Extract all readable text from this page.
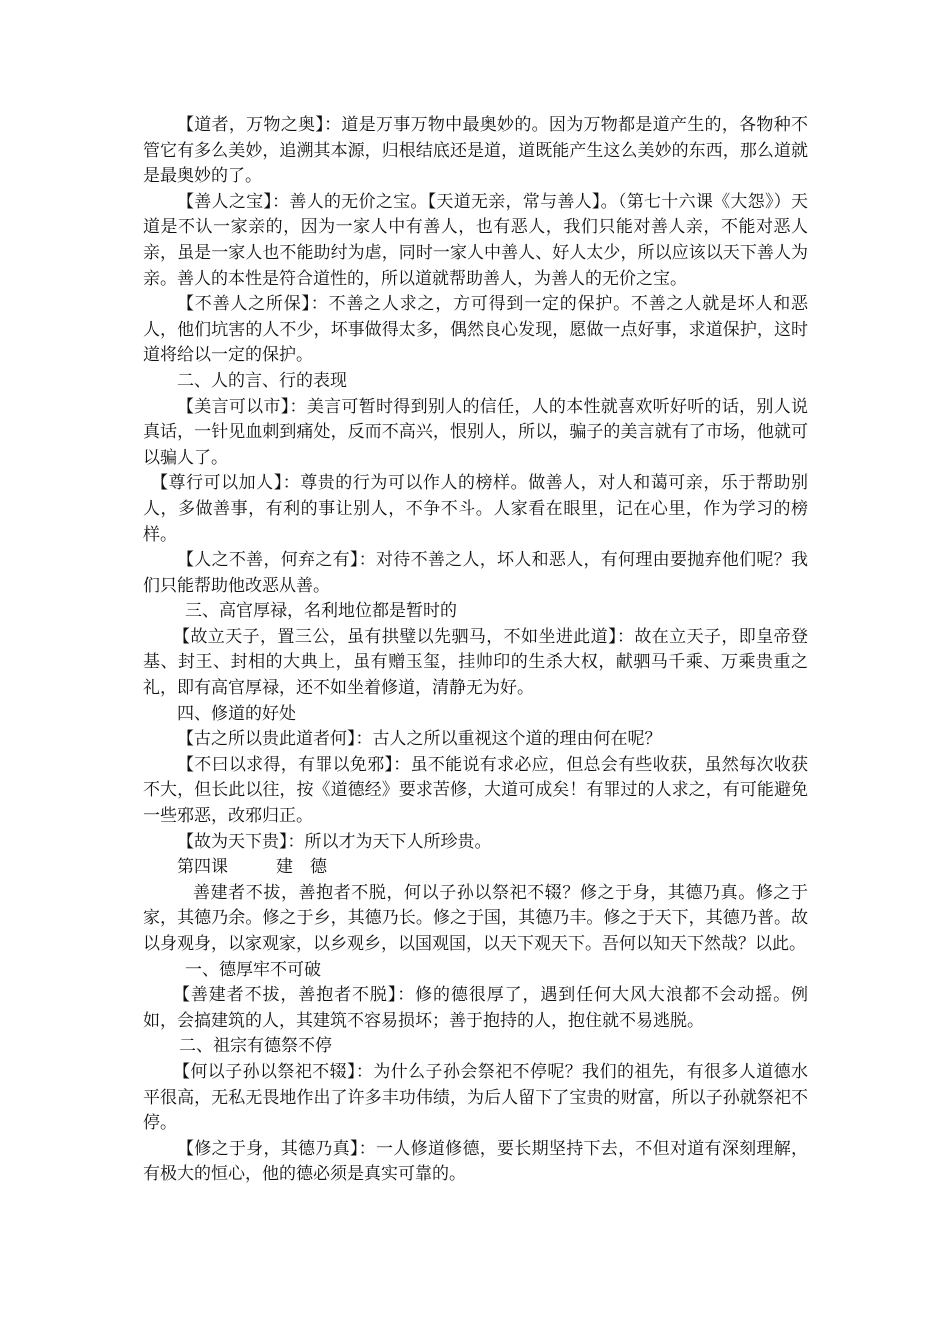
【道者，万物之奥】：道是万事万物中最奥妙的。因为万物都是道产生的，各物种不管它有多么美妙，追溯其本源，归根结底还是道，道既能产生这么美妙的东西，那么道就是最奥妙的了。

【善人之宝】：善人的无价之宝。【天道无亲，常与善人】。（第七十六课《大怨》）天道是不认一家亲的，因为一家人中有善人，也有恶人，我们只能对善人亲，不能对恶人亲，虽是一家人也不能助纣为虐，同时一家人中善人、好人太少，所以应该以天下善人为亲。善人的本性是符合道性的，所以道就帮助善人，为善人的无价之宝。

【不善人之所保】：不善之人求之，方可得到一定的保护。不善之人就是坏人和恶人，他们坑害的人不少，坏事做得太多，偶然良心发现，愿做一点好事，求道保护，这时道将给以一定的保护。

二、人的言、行的表现

【美言可以市】：美言可暂时得到别人的信任，人的本性就喜欢听好听的话，别人说真话，一针见血刺到痛处，反而不高兴，恨别人，所以，骗子的美言就有了市场，他就可以骗人了。

【尊行可以加人】：尊贵的行为可以作人的榜样。做善人，对人和蔼可亲，乐于帮助别人，多做善事，有利的事让别人，不争不斗。人家看在眼里，记在心里，作为学习的榜样。

【人之不善，何弃之有】：对待不善之人，坏人和恶人，有何理由要抛弃他们呢？我们只能帮助他改恶从善。

三、高官厚禄，名利地位都是暂时的

【故立天子，置三公，虽有拱璧以先驷马，不如坐进此道】：故在立天子，即皇帝登基、封王、封相的大典上，虽有赠玉玺，挂帅印的生杀大权，献驷马千乘、万乘贵重之礼，即有高官厚禄，还不如坐着修道，清静无为好。

四、修道的好处

【古之所以贵此道者何】：古人之所以重视这个道的理由何在呢？

【不曰以求得，有罪以免邪】：虽不能说有求必应，但总会有些收获，虽然每次收获不大，但长此以往，按《道德经》要求苦修，大道可成矣！有罪过的人求之，有可能避免一些邪恶，改邪归正。

【故为天下贵】：所以才为天下人所珍贵。

第四课	建　德

善建者不拔，善抱者不脱，何以子孙以祭祀不辍？修之于身，其德乃真。修之于家，其德乃余。修之于乡，其德乃长。修之于国，其德乃丰。修之于天下，其德乃普。故以身观身，以家观家，以乡观乡，以国观国，以天下观天下。吾何以知天下然哉？以此。

一、德厚牢不可破

【善建者不拔，善抱者不脱】：修的德很厚了，遇到任何大风大浪都不会动摇。例如，会搞建筑的人，其建筑不容易损坏；善于抱持的人，抱住就不易逃脱。

二、祖宗有德祭不停

【何以子孙以祭祀不辍】：为什么子孙会祭祀不停呢？我们的祖先，有很多人道德水平很高，无私无畏地作出了许多丰功伟绩，为后人留下了宝贵的财富，所以子孙就祭祀不停。

【修之于身，其德乃真】：一人修道修德，要长期坚持下去，不但对道有深刻理解，有极大的恒心，他的德必须是真实可靠的。
